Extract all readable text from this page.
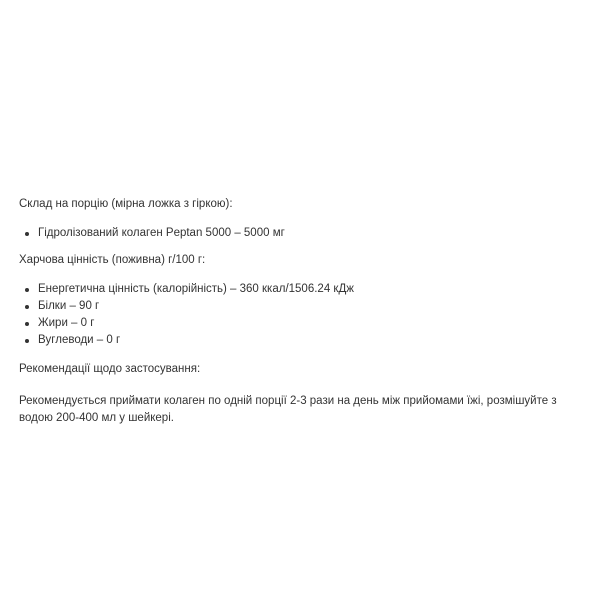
Склад на порцію (мірна ложка з гіркою):

Гідролізований колаген Peptan 5000 – 5000 мг

Харчова цінність (поживна) г/100 г:

Енергетична цінність (калорійність) – 360 ккал/1506.24 кДж
Білки – 90 г
Жири – 0 г
Вуглеводи – 0 г

Рекомендації щодо застосування:

Рекомендується приймати колаген по одній порції 2-3 рази на день між прийомами їжі, розмішуйте з водою 200-400 мл у шейкері.
